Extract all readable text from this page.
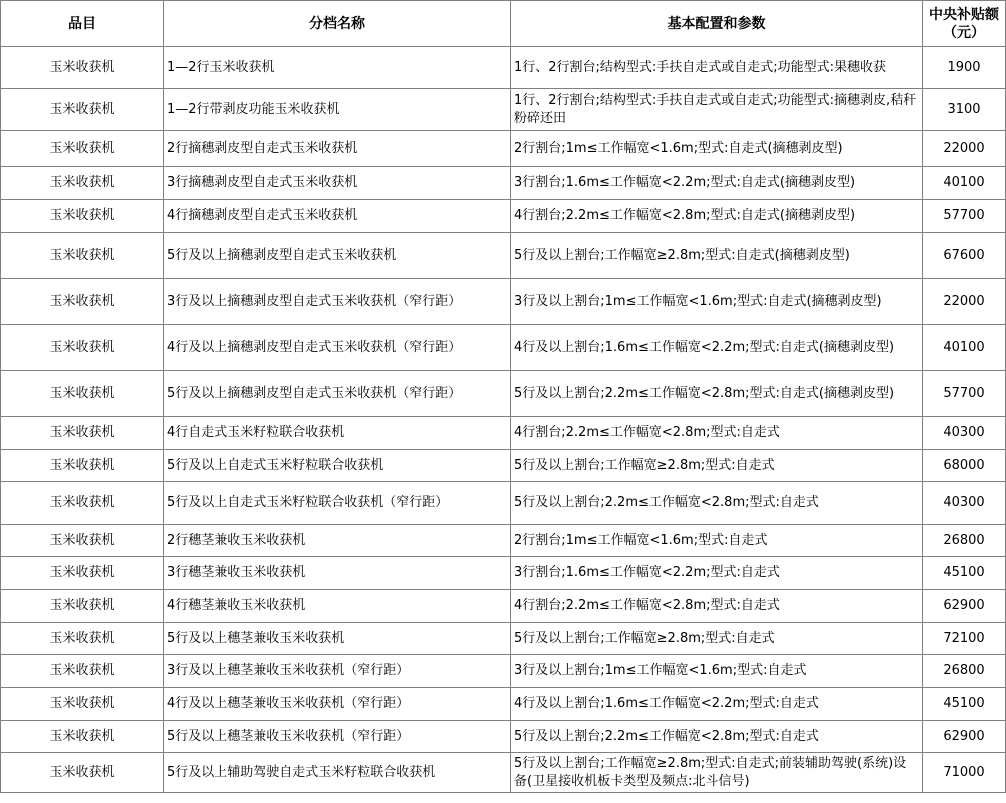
品目	分档名称	基本配置和参数	中央补贴额（元）
玉米收获机	1—2行玉米收获机	1行、2行割台;结构型式:手扶自走式或自走式;功能型式:果穗收获	1900
玉米收获机	1—2行带剥皮功能玉米收获机	1行、2行割台;结构型式:手扶自走式或自走式;功能型式:摘穗剥皮,秸秆粉碎还田	3100
玉米收获机	2行摘穗剥皮型自走式玉米收获机	2行割台;1m≤工作幅宽<1.6m;型式:自走式(摘穗剥皮型)	22000
玉米收获机	3行摘穗剥皮型自走式玉米收获机	3行割台;1.6m≤工作幅宽<2.2m;型式:自走式(摘穗剥皮型)	40100
玉米收获机	4行摘穗剥皮型自走式玉米收获机	4行割台;2.2m≤工作幅宽<2.8m;型式:自走式(摘穗剥皮型)	57700
玉米收获机	5行及以上摘穗剥皮型自走式玉米收获机	5行及以上割台;工作幅宽≥2.8m;型式:自走式(摘穗剥皮型)	67600
玉米收获机	3行及以上摘穗剥皮型自走式玉米收获机（窄行距）	3行及以上割台;1m≤工作幅宽<1.6m;型式:自走式(摘穗剥皮型)	22000
玉米收获机	4行及以上摘穗剥皮型自走式玉米收获机（窄行距）	4行及以上割台;1.6m≤工作幅宽<2.2m;型式:自走式(摘穗剥皮型)	40100
玉米收获机	5行及以上摘穗剥皮型自走式玉米收获机（窄行距）	5行及以上割台;2.2m≤工作幅宽<2.8m;型式:自走式(摘穗剥皮型)	57700
玉米收获机	4行自走式玉米籽粒联合收获机	4行割台;2.2m≤工作幅宽<2.8m;型式:自走式	40300
玉米收获机	5行及以上自走式玉米籽粒联合收获机	5行及以上割台;工作幅宽≥2.8m;型式:自走式	68000
玉米收获机	5行及以上自走式玉米籽粒联合收获机（窄行距）	5行及以上割台;2.2m≤工作幅宽<2.8m;型式:自走式	40300
玉米收获机	2行穗茎兼收玉米收获机	2行割台;1m≤工作幅宽<1.6m;型式:自走式	26800
玉米收获机	3行穗茎兼收玉米收获机	3行割台;1.6m≤工作幅宽<2.2m;型式:自走式	45100
玉米收获机	4行穗茎兼收玉米收获机	4行割台;2.2m≤工作幅宽<2.8m;型式:自走式	62900
玉米收获机	5行及以上穗茎兼收玉米收获机	5行及以上割台;工作幅宽≥2.8m;型式:自走式	72100
玉米收获机	3行及以上穗茎兼收玉米收获机（窄行距）	3行及以上割台;1m≤工作幅宽<1.6m;型式:自走式	26800
玉米收获机	4行及以上穗茎兼收玉米收获机（窄行距）	4行及以上割台;1.6m≤工作幅宽<2.2m;型式:自走式	45100
玉米收获机	5行及以上穗茎兼收玉米收获机（窄行距）	5行及以上割台;2.2m≤工作幅宽<2.8m;型式:自走式	62900
玉米收获机	5行及以上辅助驾驶自走式玉米籽粒联合收获机	5行及以上割台;工作幅宽≥2.8m;型式:自走式;前装辅助驾驶(系统)设备(卫星接收机板卡类型及频点:北斗信号)	71000
